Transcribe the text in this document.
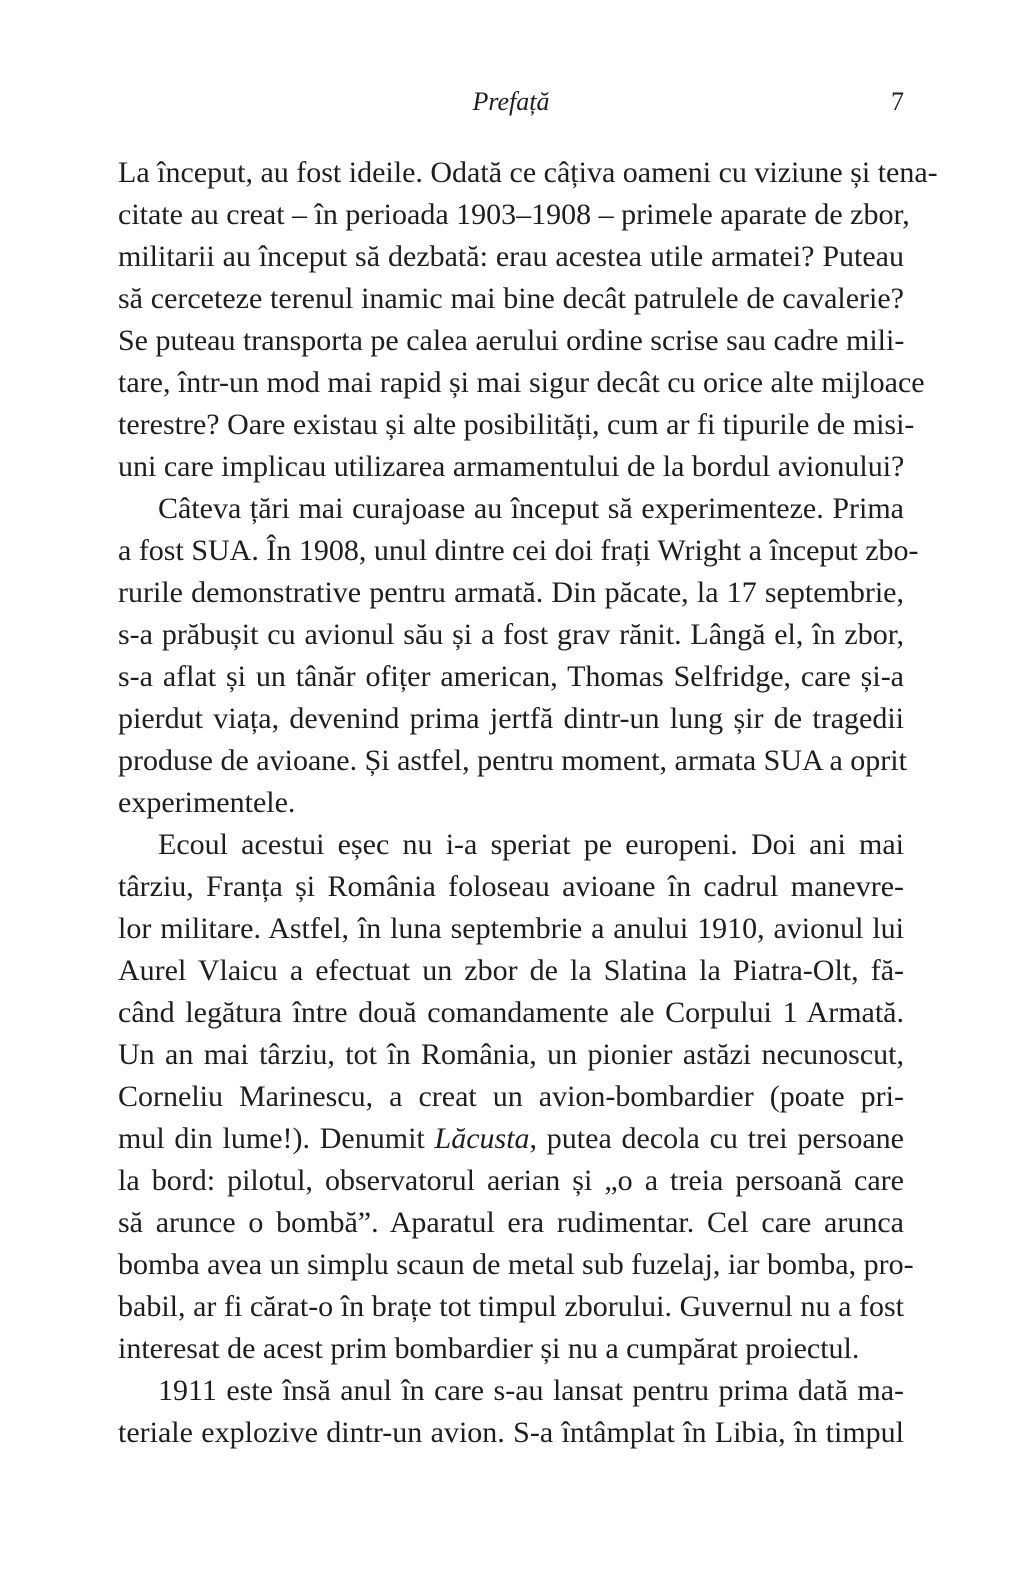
Prefață	7
La început, au fost ideile. Odată ce câțiva oameni cu viziune și tena-
citate au creat – în perioada 1903–1908 – primele aparate de zbor,
militarii au început să dezbată: erau acestea utile armatei? Puteau
să cerceteze terenul inamic mai bine decât patrulele de cavalerie?
Se puteau transporta pe calea aerului ordine scrise sau cadre mili-
tare, într-un mod mai rapid și mai sigur decât cu orice alte mijloace
terestre? Oare existau și alte posibilități, cum ar fi tipurile de misi-
uni care implicau utilizarea armamentului de la bordul avionului?
Câteva țări mai curajoase au început să experimenteze. Prima
a fost SUA. În 1908, unul dintre cei doi frați Wright a început zbo-
rurile demonstrative pentru armată. Din păcate, la 17 septembrie,
s-a prăbușit cu avionul său și a fost grav rănit. Lângă el, în zbor,
s-a aflat și un tânăr ofițer american, Thomas Selfridge, care și-a
pierdut viața, devenind prima jertfă dintr-un lung șir de tragedii
produse de avioane. Și astfel, pentru moment, armata SUA a oprit
experimentele.
Ecoul acestui eșec nu i-a speriat pe europeni. Doi ani mai
târziu, Franța și România foloseau avioane în cadrul manevre-
lor militare. Astfel, în luna septembrie a anului 1910, avionul lui
Aurel Vlaicu a efectuat un zbor de la Slatina la Piatra-Olt, fă-
când legătura între două comandamente ale Corpului 1 Armată.
Un an mai târziu, tot în România, un pionier astăzi necunoscut,
Corneliu Marinescu, a creat un avion-bombardier (poate pri-
mul din lume!). Denumit Lăcusta, putea decola cu trei persoane
la bord: pilotul, observatorul aerian și „o a treia persoană care
să arunce o bombă”. Aparatul era rudimentar. Cel care arunca
bomba avea un simplu scaun de metal sub fuzelaj, iar bomba, pro-
babil, ar fi cărat-o în brațe tot timpul zborului. Guvernul nu a fost
interesat de acest prim bombardier și nu a cumpărat proiectul.
1911 este însă anul în care s-au lansat pentru prima dată ma-
teriale explozive dintr-un avion. S-a întâmplat în Libia, în timpul
